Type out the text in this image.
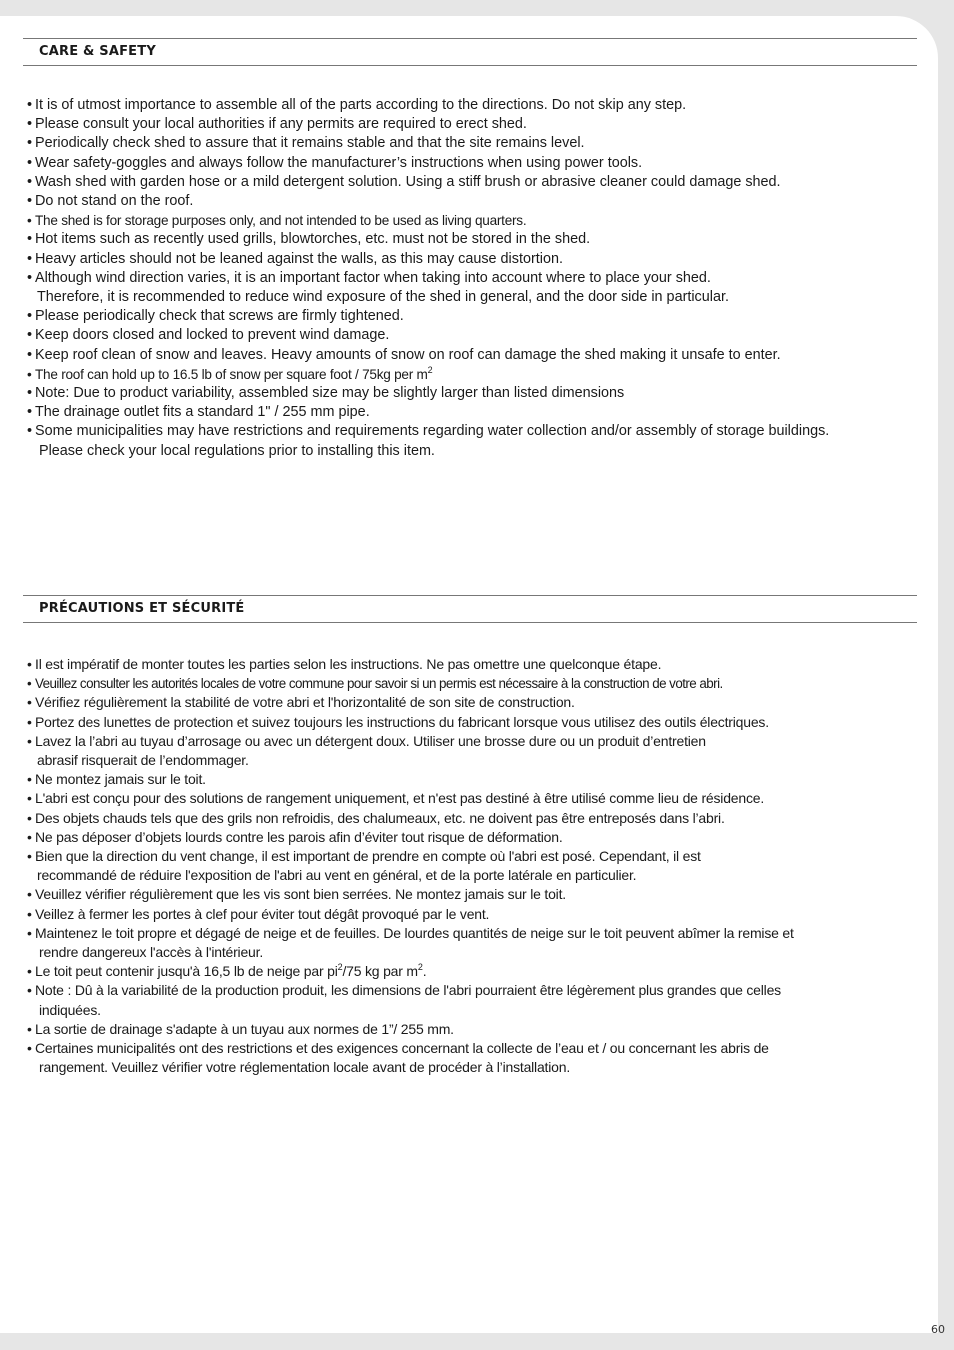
CARE & SAFETY
• It is of utmost importance to assemble all of the parts according to the directions. Do not skip any step.
• Please consult your local authorities if any permits are required to erect shed.
• Periodically check shed to assure that it remains stable and that the site remains level.
• Wear safety-goggles and always follow the manufacturer’s instructions when using power tools.
• Wash shed with garden hose or a mild detergent solution. Using a stiff brush or abrasive cleaner could damage shed.
• Do not stand on the roof.
• The shed is for storage purposes only, and not intended to be used as living quarters.
• Hot items such as recently used grills, blowtorches, etc. must not be stored in the shed.
• Heavy articles should not be leaned against the walls, as this may cause distortion.
• Although wind direction varies, it is an important factor when taking into account where to place your shed.
Therefore, it is recommended to reduce wind exposure of the shed in general, and the door side in particular.
• Please periodically check that screws are firmly tightened.
• Keep doors closed and locked to prevent wind damage.
• Keep roof clean of snow and leaves. Heavy amounts of snow on roof can damage the shed making it unsafe to enter.
• The roof can hold up to 16.5 lb of snow per square foot / 75kg per $m^2$
• Note: Due to product variability, assembled size may be slightly larger than listed dimensions
• The drainage outlet fits a standard 1" / 255 mm pipe.
• Some municipalities may have restrictions and requirements regarding water collection and/or assembly of storage buildings.
Please check your local regulations prior to installing this item.
PRÉCAUTIONS ET SÉCURITÉ
• Il est impératif de monter toutes les parties selon les instructions. Ne pas omettre une quelconque étape.
• Veuillez consulter les autorités locales de votre commune pour savoir si un permis est nécessaire à la construction de votre abri.
• Vérifiez régulièrement la stabilité de votre abri et l'horizontalité de son site de construction.
• Portez des lunettes de protection et suivez toujours les instructions du fabricant lorsque vous utilisez des outils électriques.
• Lavez la l’abri au tuyau d’arrosage ou avec un détergent doux. Utiliser une brosse dure ou un produit d’entretien
abrasif risquerait de l’endommager.
• Ne montez jamais sur le toit.
• L'abri est conçu pour des solutions de rangement uniquement, et n'est pas destiné à être utilisé comme lieu de résidence.
• Des objets chauds tels que des grils non refroidis, des chalumeaux, etc. ne doivent pas être entreposés dans l’abri.
• Ne pas déposer d’objets lourds contre les parois afin d’éviter tout risque de déformation.
• Bien que la direction du vent change, il est important de prendre en compte où l'abri est posé. Cependant, il est
recommandé de réduire l'exposition de l'abri au vent en général, et de la porte latérale en particulier.
• Veuillez vérifier régulièrement que les vis sont bien serrées. Ne montez jamais sur le toit.
• Veillez à fermer les portes à clef pour éviter tout dégât provoqué par le vent.
• Maintenez le toit propre et dégagé de neige et de feuilles. De lourdes quantités de neige sur le toit peuvent abîmer la remise et
rendre dangereux l'accès à l'intérieur.
• Le toit peut contenir jusqu'à 16,5 lb de neige par $pi^2/75$ kg par $m^2$.
• Note : Dû à la variabilité de la production produit, les dimensions de l'abri pourraient être légèrement plus grandes que celles
indiquées.
• La sortie de drainage s'adapte à un tuyau aux normes de 1”/ 255 mm.
• Certaines municipalités ont des restrictions et des exigences concernant la collecte de l’eau et / ou concernant les abris de
rangement. Veuillez vérifier votre réglementation locale avant de procéder à l’installation.
60
